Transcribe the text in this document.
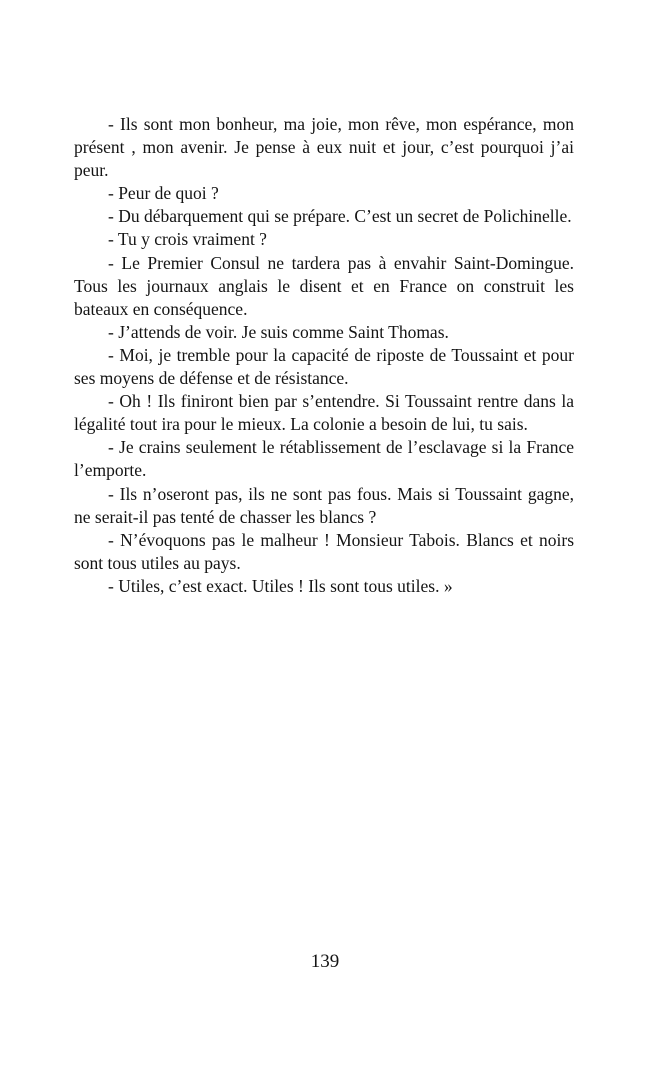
- Ils sont mon bonheur, ma joie, mon rêve, mon espérance, mon présent , mon avenir. Je pense à eux nuit et jour, c’est pourquoi j’ai peur.

- Peur de quoi ?

- Du débarquement qui se prépare. C’est un secret de Polichinelle.

- Tu y crois vraiment ?

- Le Premier Consul ne tardera pas à envahir Saint-Domingue. Tous les journaux anglais le disent et en France on construit les bateaux en conséquence.

- J’attends de voir. Je suis comme Saint Thomas.

- Moi, je tremble pour la capacité de riposte de Toussaint et pour ses moyens de défense et de résistance.

- Oh ! Ils finiront bien par s’entendre. Si Toussaint rentre dans la légalité tout ira pour le mieux. La colonie a besoin de lui, tu sais.

- Je crains seulement le rétablissement de l’esclavage si la France l’emporte.

- Ils n’oseront pas, ils ne sont pas fous. Mais si Toussaint gagne, ne serait-il pas tenté de chasser les blancs ?

- N’évoquons pas le malheur ! Monsieur Tabois. Blancs et noirs sont tous utiles au pays.

- Utiles, c’est exact. Utiles ! Ils sont tous utiles. »

139
